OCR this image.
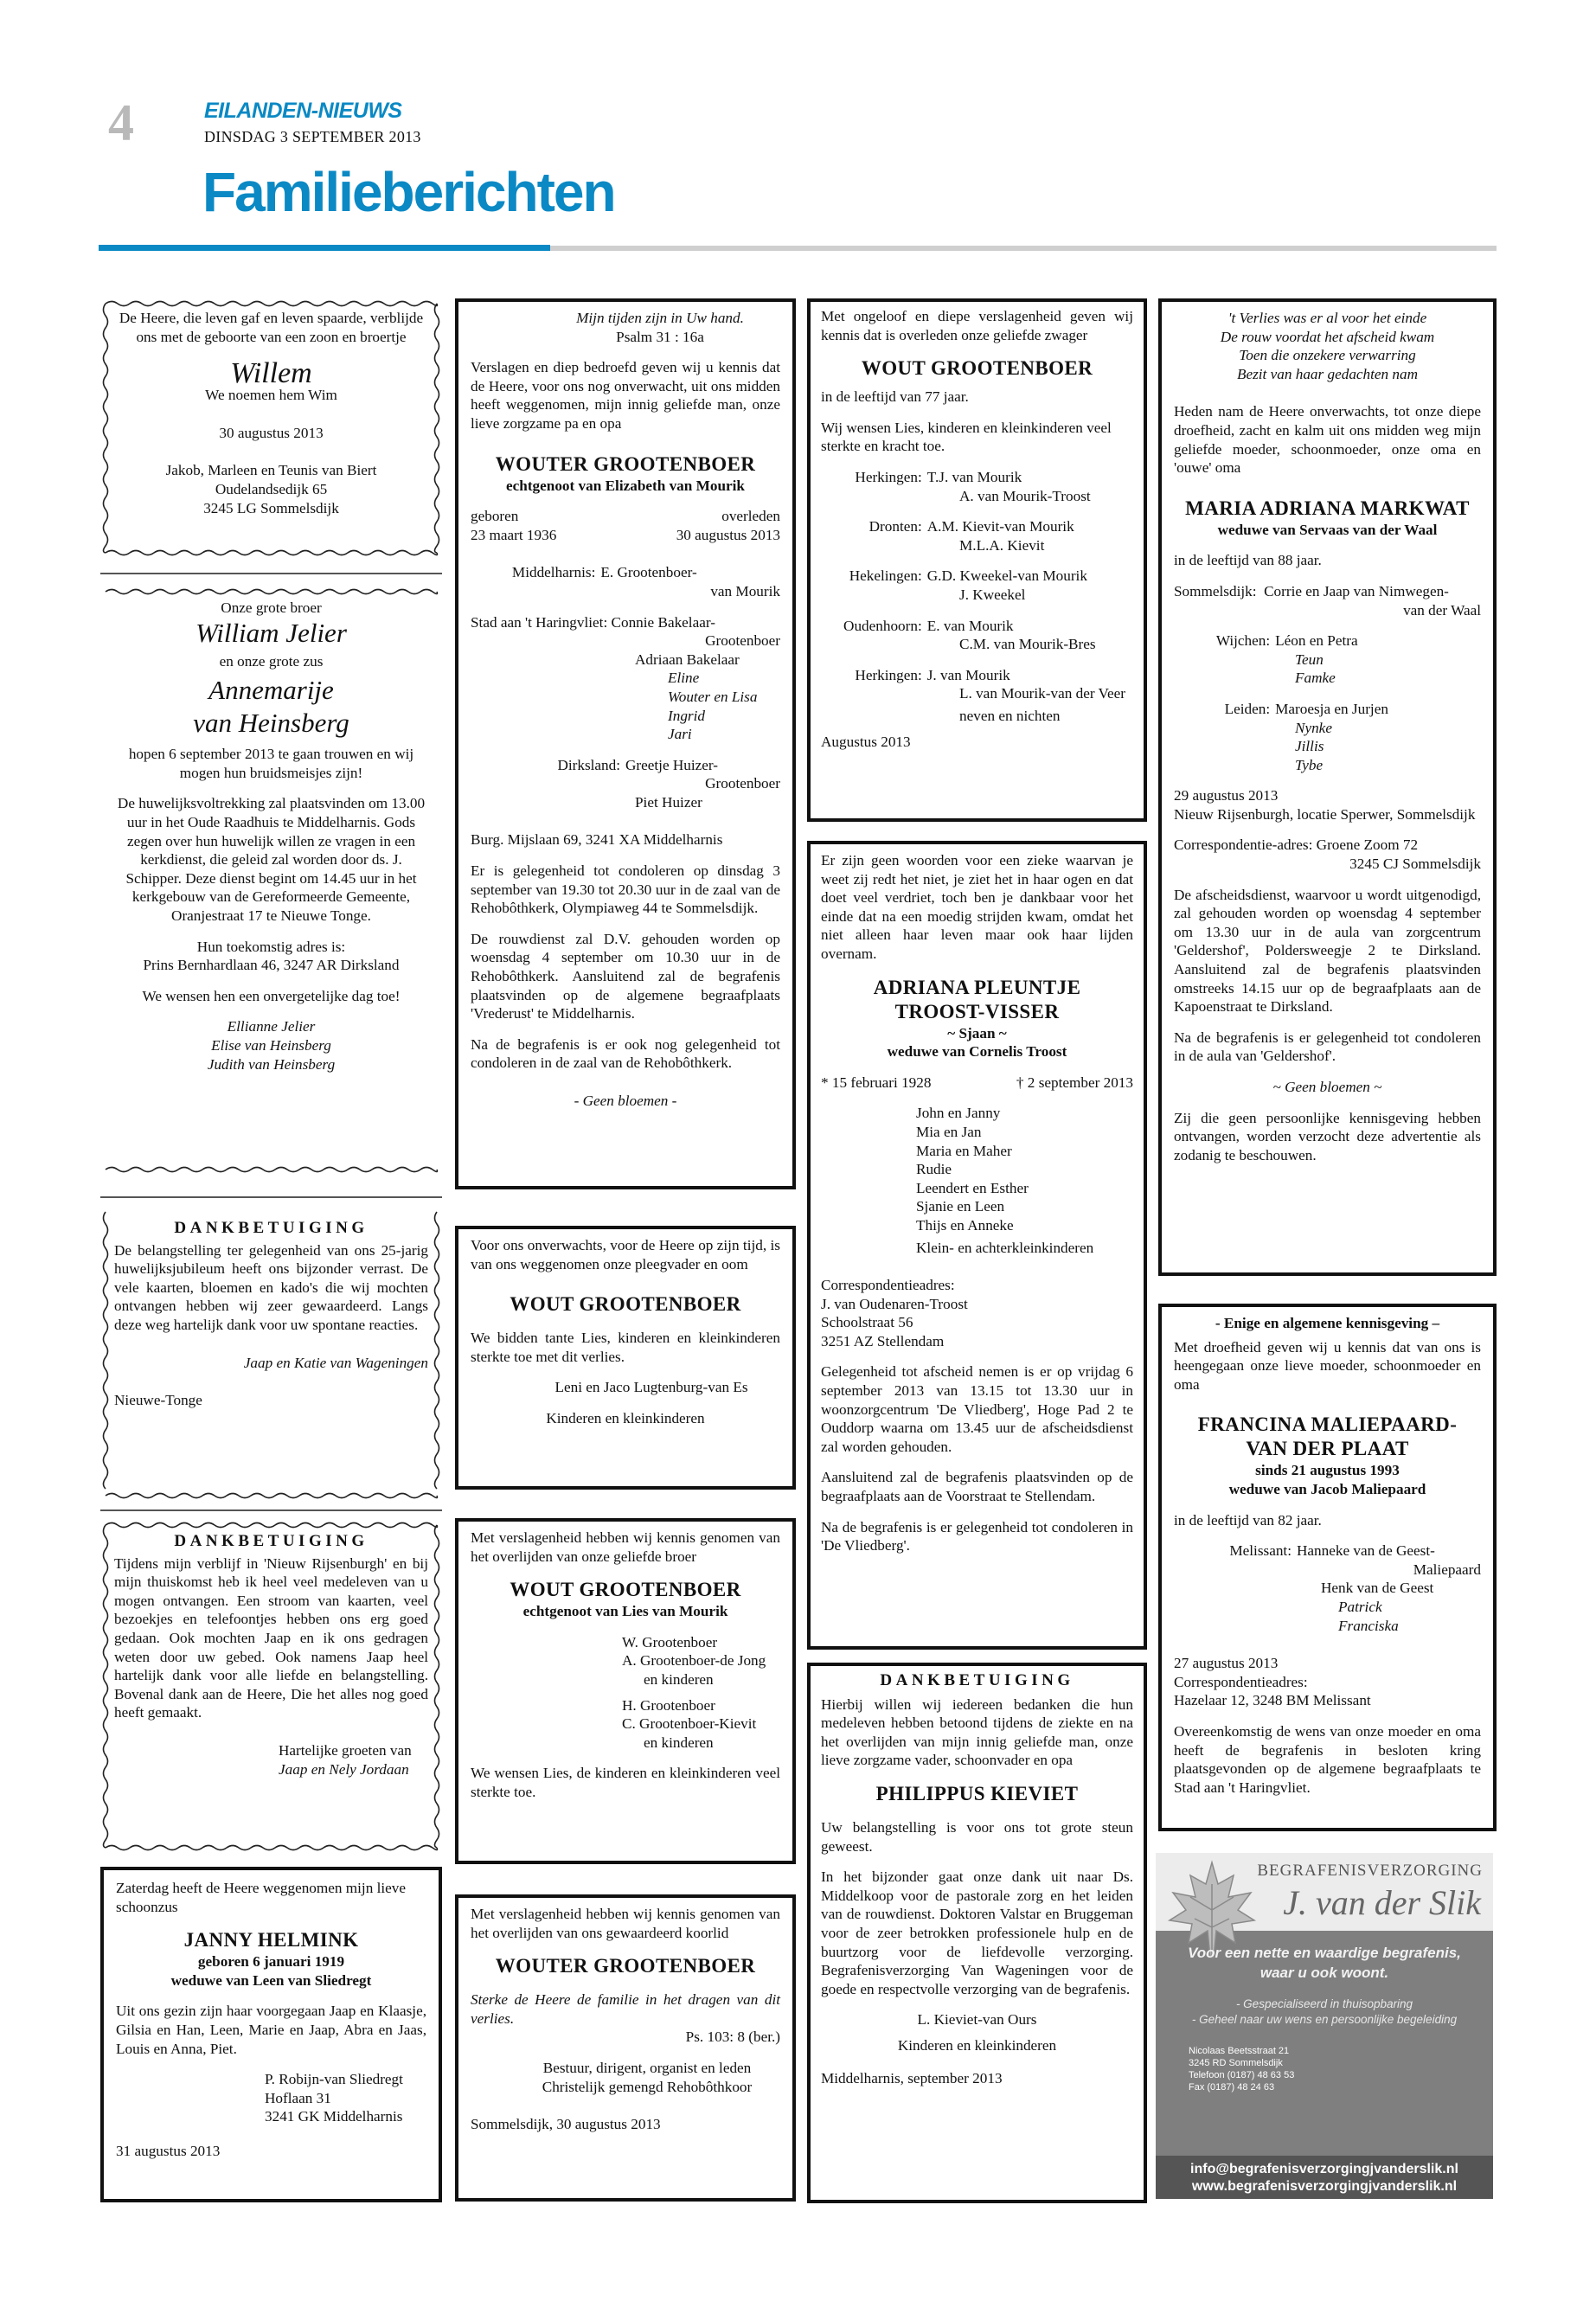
4	EILANDEN-NIEUWS
DINSDAG 3 SEPTEMBER 2013
Familieberichten
De Heere, die leven gaf en leven spaarde, verblijde ons met de geboorte van een zoon en broertje
Willem
We noemen hem Wim
30 augustus 2013
Jakob, Marleen en Teunis van Biert
Oudelandsedijk 65
3245 LG Sommelsdijk
Onze grote broer
William Jelier
en onze grote zus
Annemarije
van Heinsberg
hopen 6 september 2013 te gaan trouwen en wij mogen hun bruidsmeisjes zijn!
De huwelijksvoltrekking zal plaatsvinden om 13.00 uur in het Oude Raadhuis te Middelharnis. Gods zegen over hun huwelijk willen ze vragen in een kerkdienst, die geleid zal worden door ds. J. Schipper. Deze dienst begint om 14.45 uur in het kerkgebouw van de Gereformeerde Gemeente, Oranjestraat 17 te Nieuwe Tonge.
Hun toekomstig adres is:
Prins Bernhardlaan 46, 3247 AR Dirksland
We wensen hen een onvergetelijke dag toe!
Ellianne Jelier
Elise van Heinsberg
Judith van Heinsberg
DANKBETUIGING
De belangstelling ter gelegenheid van ons 25-jarig huwelijksjubileum heeft ons bijzonder verrast. De vele kaarten, bloemen en kado's die wij mochten ontvangen hebben wij zeer gewaardeerd. Langs deze weg hartelijk dank voor uw spontane reacties.
Jaap en Katie van Wageningen
Nieuwe-Tonge
DANKBETUIGING
Tijdens mijn verblijf in 'Nieuw Rijsenburgh' en bij mijn thuiskomst heb ik heel veel medeleven van u mogen ontvangen. Een stroom van kaarten, veel bezoekjes en telefoontjes hebben ons erg goed gedaan. Ook mochten Jaap en ik ons gedragen weten door uw gebed. Ook namens Jaap heel hartelijk dank voor alle liefde en belangstelling. Bovenal dank aan de Heere, Die het alles nog goed heeft gemaakt.
Hartelijke groeten van
Jaap en Nely Jordaan
Zaterdag heeft de Heere weggenomen mijn lieve schoonzus
JANNY HELMINK
geboren 6 januari 1919
weduwe van Leen van Sliedregt
Uit ons gezin zijn haar voorgegaan Jaap en Klaasje, Gilsia en Han, Leen, Marie en Jaap, Abra en Jaas, Louis en Anna, Piet.
P. Robijn-van Sliedregt
Hoflaan 31
3241 GK Middelharnis
31 augustus 2013
Mijn tijden zijn in Uw hand.
Psalm 31 : 16a
Verslagen en diep bedroefd geven wij u kennis dat de Heere, voor ons nog onverwacht, uit ons midden heeft weggenomen, mijn innig geliefde man, onze lieve zorgzame pa en opa
WOUTER GROOTENBOER
echtgenoot van Elizabeth van Mourik
geboren	overleden
23 maart 1936	30 augustus 2013
Middelharnis: E. Grootenboer-
van Mourik
Stad aan 't Haringvliet:
Connie Bakelaar-
Grootenboer
Adriaan Bakelaar
Eline
Wouter en Lisa
Ingrid
Jari
Dirksland: Greetje Huizer-
Grootenboer
Piet Huizer
Burg. Mijslaan 69, 3241 XA Middelharnis
Er is gelegenheid tot condoleren op dinsdag 3 september van 19.30 tot 20.30 uur in de zaal van de Rehobôthkerk, Olympiaweg 44 te Sommelsdijk.
De rouwdienst zal D.V. gehouden worden op woensdag 4 september om 10.30 uur in de Rehobôthkerk. Aansluitend zal de begrafenis plaatsvinden op de algemene begraafplaats 'Vrederust' te Middelharnis.
Na de begrafenis is er ook nog gelegenheid tot condoleren in de zaal van de Rehobôthkerk.
- Geen bloemen -
Voor ons onverwachts, voor de Heere op zijn tijd, is van ons weggenomen onze pleegvader en oom
WOUT GROOTENBOER
We bidden tante Lies, kinderen en kleinkinderen sterkte toe met dit verlies.
Leni en Jaco Lugtenburg-van Es
Kinderen en kleinkinderen
Met verslagenheid hebben wij kennis genomen van het overlijden van onze geliefde broer
WOUT GROOTENBOER
echtgenoot van Lies van Mourik
W. Grootenboer
A. Grootenboer-de Jong
en kinderen
H. Grootenboer
C. Grootenboer-Kievit
en kinderen
We wensen Lies, de kinderen en kleinkinderen veel sterkte toe.
Met verslagenheid hebben wij kennis genomen van het overlijden van ons gewaardeerd koorlid
WOUTER GROOTENBOER
Sterke de Heere de familie in het dragen van dit verlies.
Ps. 103: 8 (ber.)
Bestuur, dirigent, organist en leden
Christelijk gemengd Rehobôthkoor
Sommelsdijk, 30 augustus 2013
Met ongeloof en diepe verslagenheid geven wij kennis dat is overleden onze geliefde zwager
WOUT GROOTENBOER
in de leeftijd van 77 jaar.
Wij wensen Lies, kinderen en kleinkinderen veel sterkte en kracht toe.
Herkingen: T.J. van Mourik
A. van Mourik-Troost
Dronten: A.M. Kievit-van Mourik
M.L.A. Kievit
Hekelingen: G.D. Kweekel-van Mourik
J. Kweekel
Oudenhoorn: E. van Mourik
C.M. van Mourik-Bres
Herkingen: J. van Mourik
L. van Mourik-van der Veer
neven en nichten
Augustus 2013
Er zijn geen woorden voor een zieke waarvan je weet zij redt het niet, je ziet het in haar ogen en dat doet veel verdriet, toch ben je dankbaar voor het einde dat na een moedig strijden kwam, omdat het niet alleen haar leven maar ook haar lijden overnam.
ADRIANA PLEUNTJE
TROOST-VISSER
~ Sjaan ~
weduwe van Cornelis Troost
* 15 februari 1928	† 2 september 2013
John en Janny
Mia en Jan
Maria en Maher
Rudie
Leendert en Esther
Sjanie en Leen
Thijs en Anneke
Klein- en achterkleinkinderen
Correspondentieadres:
J. van Oudenaren-Troost
Schoolstraat 56
3251 AZ Stellendam
Gelegenheid tot afscheid nemen is er op vrijdag 6 september 2013 van 13.15 tot 13.30 uur in woonzorgcentrum 'De Vliedberg', Hoge Pad 2 te Ouddorp waarna om 13.45 uur de afscheidsdienst zal worden gehouden.
Aansluitend zal de begrafenis plaatsvinden op de begraafplaats aan de Voorstraat te Stellendam.
Na de begrafenis is er gelegenheid tot condoleren in 'De Vliedberg'.
DANKBETUIGING
Hierbij willen wij iedereen bedanken die hun medeleven hebben betoond tijdens de ziekte en na het overlijden van mijn innig geliefde man, onze lieve zorgzame vader, schoonvader en opa
PHILIPPUS KIEVIET
Uw belangstelling is voor ons tot grote steun geweest.
In het bijzonder gaat onze dank uit naar Ds. Middelkoop voor de pastorale zorg en het leiden van de rouwdienst. Doktoren Valstar en Bruggeman voor de zeer betrokken professionele hulp en de buurtzorg voor de liefdevolle verzorging. Begrafenisverzorging Van Wageningen voor de goede en respectvolle verzorging van de begrafenis.
L. Kieviet-van Ours
Kinderen en kleinkinderen
Middelharnis, september 2013
't Verlies was er al voor het einde
De rouw voordat het afscheid kwam
Toen die onzekere verwarring
Bezit van haar gedachten nam
Heden nam de Heere onverwachts, tot onze diepe droefheid, zacht en kalm uit ons midden weg mijn geliefde moeder, schoonmoeder, onze oma en 'ouwe' oma
MARIA ADRIANA MARKWAT
weduwe van Servaas van der Waal
in de leeftijd van 88 jaar.
Sommelsdijk: Corrie en Jaap van Nimwegen-
van der Waal
Wijchen: Léon en Petra
Teun
Famke
Leiden: Maroesja en Jurjen
Nynke
Jillis
Tybe
29 augustus 2013
Nieuw Rijsenburgh, locatie Sperwer, Sommelsdijk
Correspondentie-adres: Groene Zoom 72
3245 CJ Sommelsdijk
De afscheidsdienst, waarvoor u wordt uitgenodigd, zal gehouden worden op woensdag 4 september om 13.30 uur in de aula van zorgcentrum 'Geldershof', Poldersweegje 2 te Dirksland. Aansluitend zal de begrafenis plaatsvinden omstreeks 14.15 uur op de begraafplaats aan de Kapoenstraat te Dirksland.
Na de begrafenis is er gelegenheid tot condoleren in de aula van 'Geldershof'.
~ Geen bloemen ~
Zij die geen persoonlijke kennisgeving hebben ontvangen, worden verzocht deze advertentie als zodanig te beschouwen.
- Enige en algemene kennisgeving –
Met droefheid geven wij u kennis dat van ons is heengegaan onze lieve moeder, schoonmoeder en oma
FRANCINA MALIEPAARD-
VAN DER PLAAT
sinds 21 augustus 1993
weduwe van Jacob Maliepaard
in de leeftijd van 82 jaar.
Melissant: Hanneke van de Geest-
Maliepaard
Henk van de Geest
Patrick
Franciska
27 augustus 2013
Correspondentieadres:
Hazelaar 12, 3248 BM Melissant
Overeenkomstig de wens van onze moeder en oma heeft de begrafenis in besloten kring plaatsgevonden op de algemene begraafplaats te Stad aan 't Haringvliet.
BEGRAFENISVERZORGING
J. van der Slik
Voor een nette en waardige begrafenis,
waar u ook woont.
- Gespecialiseerd in thuisopbaring
- Geheel naar uw wens en persoonlijke begeleiding
Nicolaas Beetsstraat 21
3245 RD Sommelsdijk
Telefoon (0187) 48 63 53
Fax (0187) 48 24 63
info@begrafenisverzorgingjvanderslik.nl
www.begrafenisverzorgingjvanderslik.nl
